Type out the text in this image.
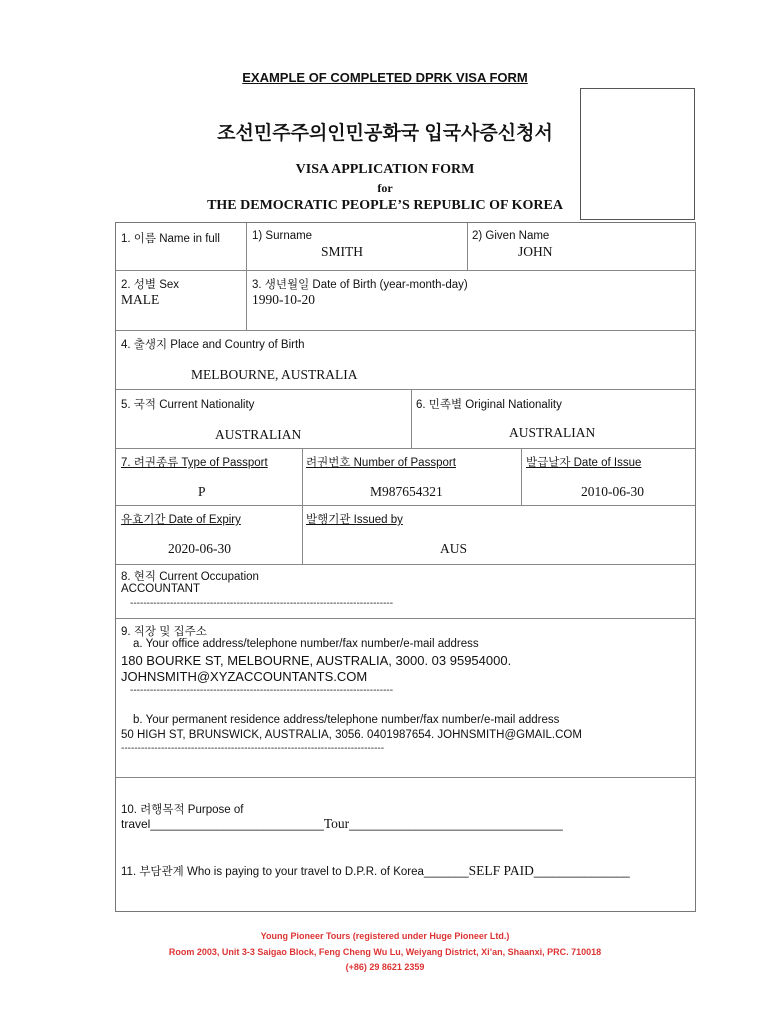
EXAMPLE OF COMPLETED DPRK VISA FORM
조선민주주의인민공화국 입국사증신청서
VISA APPLICATION FORM
for
THE DEMOCRATIC PEOPLE’S REPUBLIC OF KOREA
1. 이름 Name in full	1) Surname
SMITH
2) Given Name
JOHN
2. 성별 Sex
MALE
3. 생년월일 Date of Birth (year-month-day)
1990-10-20
4. 출생지 Place and Country of Birth
MELBOURNE, AUSTRALIA
5. 국적 Current Nationality
AUSTRALIAN
6. 민족별 Original Nationality
AUSTRALIAN
7. 려권종류 Type of Passport
P
려권번호 Number of Passport
M987654321
발급날자 Date of Issue
2010-06-30
유효기간 Date of Expiry
2020-06-30
발행기관 Issued by
AUS
8. 현직 Current Occupation
ACCOUNTANT
-------------------------------------------------------------------------------
9. 직장 및 집주소
a. Your office address/telephone number/fax number/e-mail address
180 BOURKE ST, MELBOURNE, AUSTRALIA, 3000. 03 95954000.
JOHNSMITH@XYZACCOUNTANTS.COM
-------------------------------------------------------------------------------
b. Your permanent residence address/telephone number/fax number/e-mail address
50 HIGH ST, BRUNSWICK, AUSTRALIA, 3056. 0401987654. JOHNSMITH@GMAIL.COM
-------------------------------------------------------------------------------
10. 려행목적 Purpose of
travel__________________________Tour________________________________
11. 부담관계 Who is paying to your travel to D.P.R. of Korea_______SELF PAID_______________
Young Pioneer Tours (registered under Huge Pioneer Ltd.)
Room 2003, Unit 3-3 Saigao Block, Feng Cheng Wu Lu, Weiyang District, Xi’an, Shaanxi, PRC. 710018
(+86) 29 8621 2359
